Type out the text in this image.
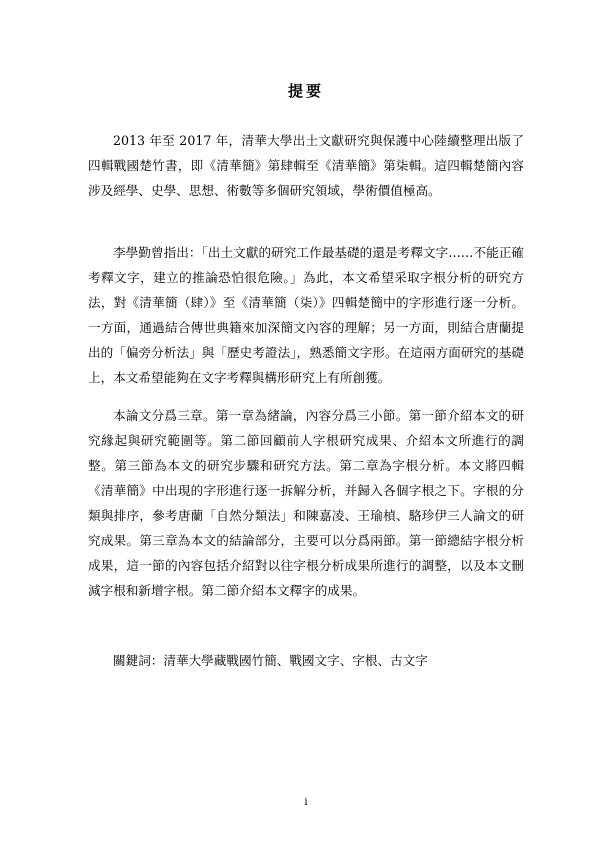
提要

2013 年至 2017 年，清華大學出土文獻研究與保護中心陸續整理出版了四輯戰國楚竹書，即《清華簡》第肆輯至《清華簡》第柒輯。這四輯楚簡內容涉及經學、史學、思想、術數等多個研究領域，學術價值極高。

李學勤曾指出：「出土文獻的研究工作最基礎的還是考釋文字……不能正確考釋文字，建立的推論恐怕很危險。」為此，本文希望采取字根分析的研究方法，對《清華簡（肆）》至《清華簡（柒）》四輯楚簡中的字形進行逐一分析。一方面，通過結合傳世典籍來加深簡文內容的理解；另一方面，則結合唐蘭提出的「偏旁分析法」與「歷史考證法」，熟悉簡文字形。在這兩方面研究的基礎上，本文希望能夠在文字考釋與構形研究上有所創獲。

本論文分爲三章。第一章為緒論，內容分爲三小節。第一節介紹本文的研究緣起與研究範圍等。第二節回顧前人字根研究成果、介紹本文所進行的調整。第三節為本文的研究步驟和研究方法。第二章為字根分析。本文將四輯《清華簡》中出現的字形進行逐一拆解分析，并歸入各個字根之下。字根的分類與排序，參考唐蘭「自然分類法」和陳嘉凌、王瑜楨、駱珍伊三人論文的研究成果。第三章為本文的結論部分，主要可以分爲兩節。第一節總結字根分析成果，這一節的內容包括介紹對以往字根分析成果所進行的調整，以及本文刪減字根和新增字根。第二節介紹本文釋字的成果。

關鍵詞：清華大學藏戰國竹簡、戰國文字、字根、古文字
i
